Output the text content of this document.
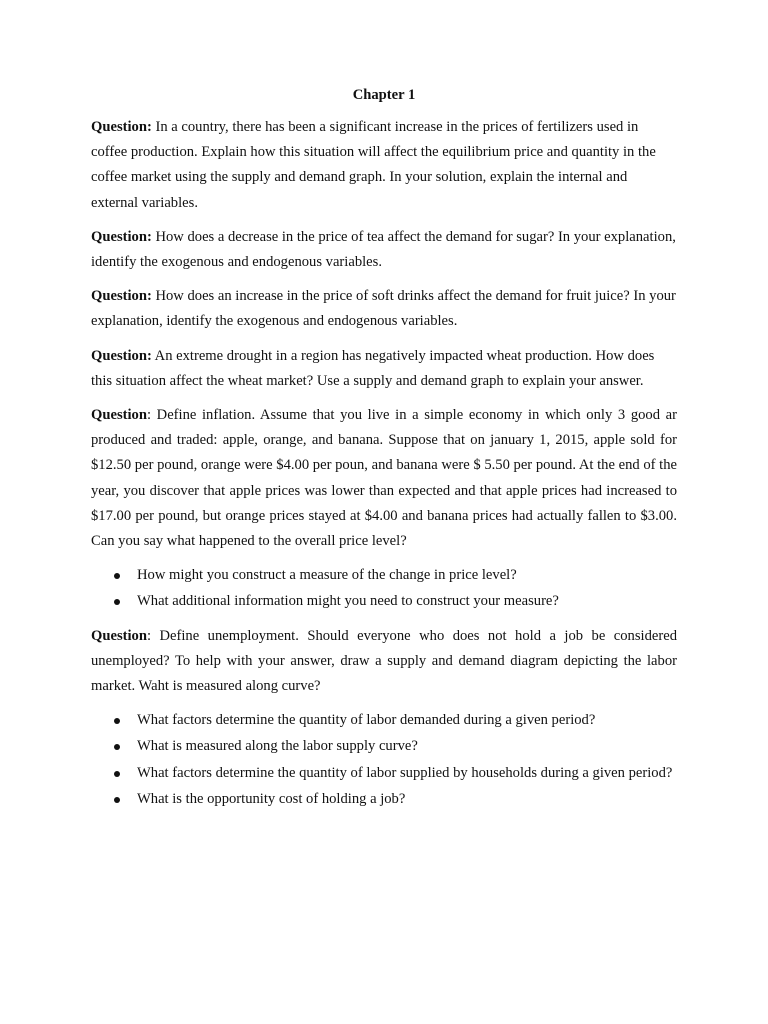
Chapter 1

Question: In a country, there has been a significant increase in the prices of fertilizers used in coffee production. Explain how this situation will affect the equilibrium price and quantity in the coffee market using the supply and demand graph. In your solution, explain the internal and external variables.

Question: How does a decrease in the price of tea affect the demand for sugar? In your explanation, identify the exogenous and endogenous variables.

Question: How does an increase in the price of soft drinks affect the demand for fruit juice? In your explanation, identify the exogenous and endogenous variables.

Question: An extreme drought in a region has negatively impacted wheat production. How does this situation affect the wheat market? Use a supply and demand graph to explain your answer.

Question: Define inflation. Assume that you live in a simple economy in which only 3 good ar produced and traded: apple, orange, and banana. Suppose that on january 1, 2015, apple sold for $12.50 per pound, orange were $4.00 per poun, and banana were $ 5.50 per pound. At the end of the year, you discover that apple prices was lower than expected and that apple prices had increased to $17.00 per pound, but orange prices stayed at $4.00 and banana prices had actually fallen to $3.00. Can you say what happened to the overall price level?

How might you construct a measure of the change in price level?
What additional information might you need to construct your measure?

Question: Define unemployment. Should everyone who does not hold a job be considered unemployed? To help with your answer, draw a supply and demand diagram depicting the labor market. Waht is measured along curve?

What factors determine the quantity of labor demanded during a given period?
What is measured along the labor supply curve?
What factors determine the quantity of labor supplied by households during a given period?
What is the opportunity cost of holding a job?
